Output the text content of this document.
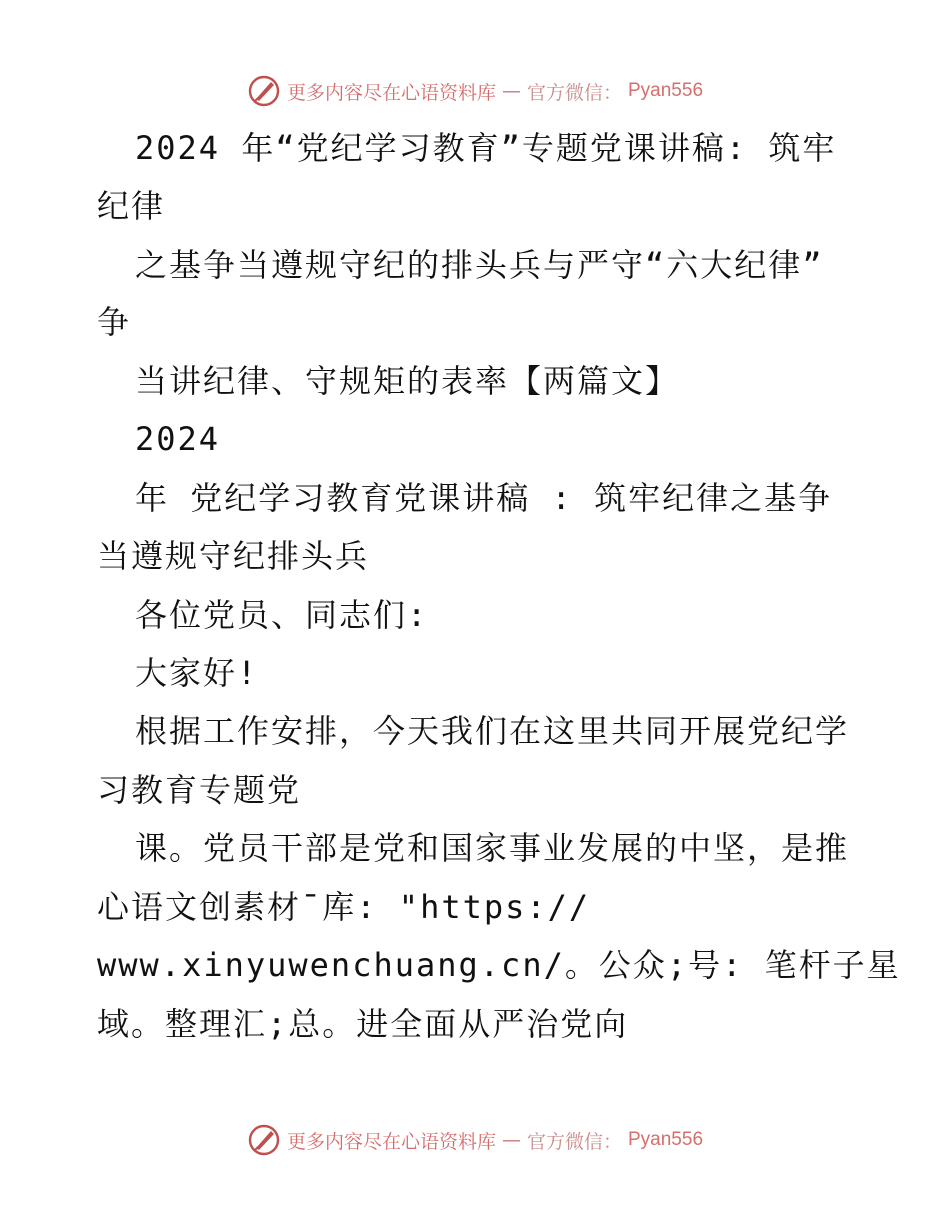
更多内容尽在心语资料库 — 官方微信： Pyan556
2024 年“党纪学习教育”专题党课讲稿: 筑牢
纪律
之基争当遵规守纪的排头兵与严守“六大纪律”
争
当讲纪律、守规矩的表率【两篇文】
2024
年 党纪学习教育党课讲稿 : 筑牢纪律之基争
当遵规守纪排头兵
各位党员、同志们:
大家好!
根据工作安排，今天我们在这里共同开展党纪学
习教育专题党
课。党员干部是党和国家事业发展的中坚，是推
心语文创素材¯库: "https://
www.xinyuwenchuang.cn/。公众;号: 笔杆子星
域。整理汇;总。进全面从严治党向
更多内容尽在心语资料库 — 官方微信： Pyan556
